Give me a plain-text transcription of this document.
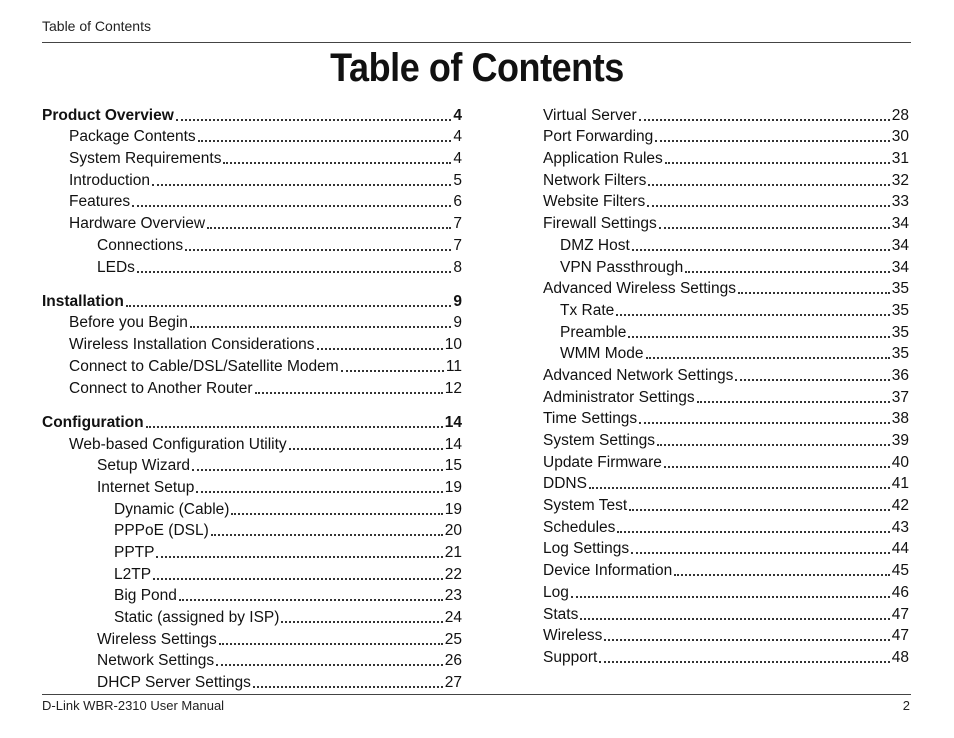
Table of Contents
Table of Contents
Product Overview	4
Package Contents	4
System Requirements	4
Introduction	5
Features	6
Hardware Overview	7
Connections	7
LEDs	8
Installation	9
Before you Begin	9
Wireless Installation Considerations	10
Connect to Cable/DSL/Satellite Modem	11
Connect to Another Router	12
Configuration	14
Web-based Configuration Utility	14
Setup Wizard	15
Internet Setup	19
Dynamic (Cable)	19
PPPoE (DSL)	20
PPTP	21
L2TP	22
Big Pond	23
Static (assigned by ISP)	24
Wireless Settings	25
Network Settings	26
DHCP Server Settings	27
Virtual Server	28
Port Forwarding	30
Application Rules	31
Network Filters	32
Website Filters	33
Firewall Settings	34
DMZ Host	34
VPN Passthrough	34
Advanced Wireless Settings	35
Tx Rate	35
Preamble	35
WMM Mode	35
Advanced Network Settings	36
Administrator Settings	37
Time Settings	38
System Settings	39
Update Firmware	40
DDNS	41
System Test	42
Schedules	43
Log Settings	44
Device Information	45
Log	46
Stats	47
Wireless	47
Support	48
D-Link WBR-2310 User Manual	2
